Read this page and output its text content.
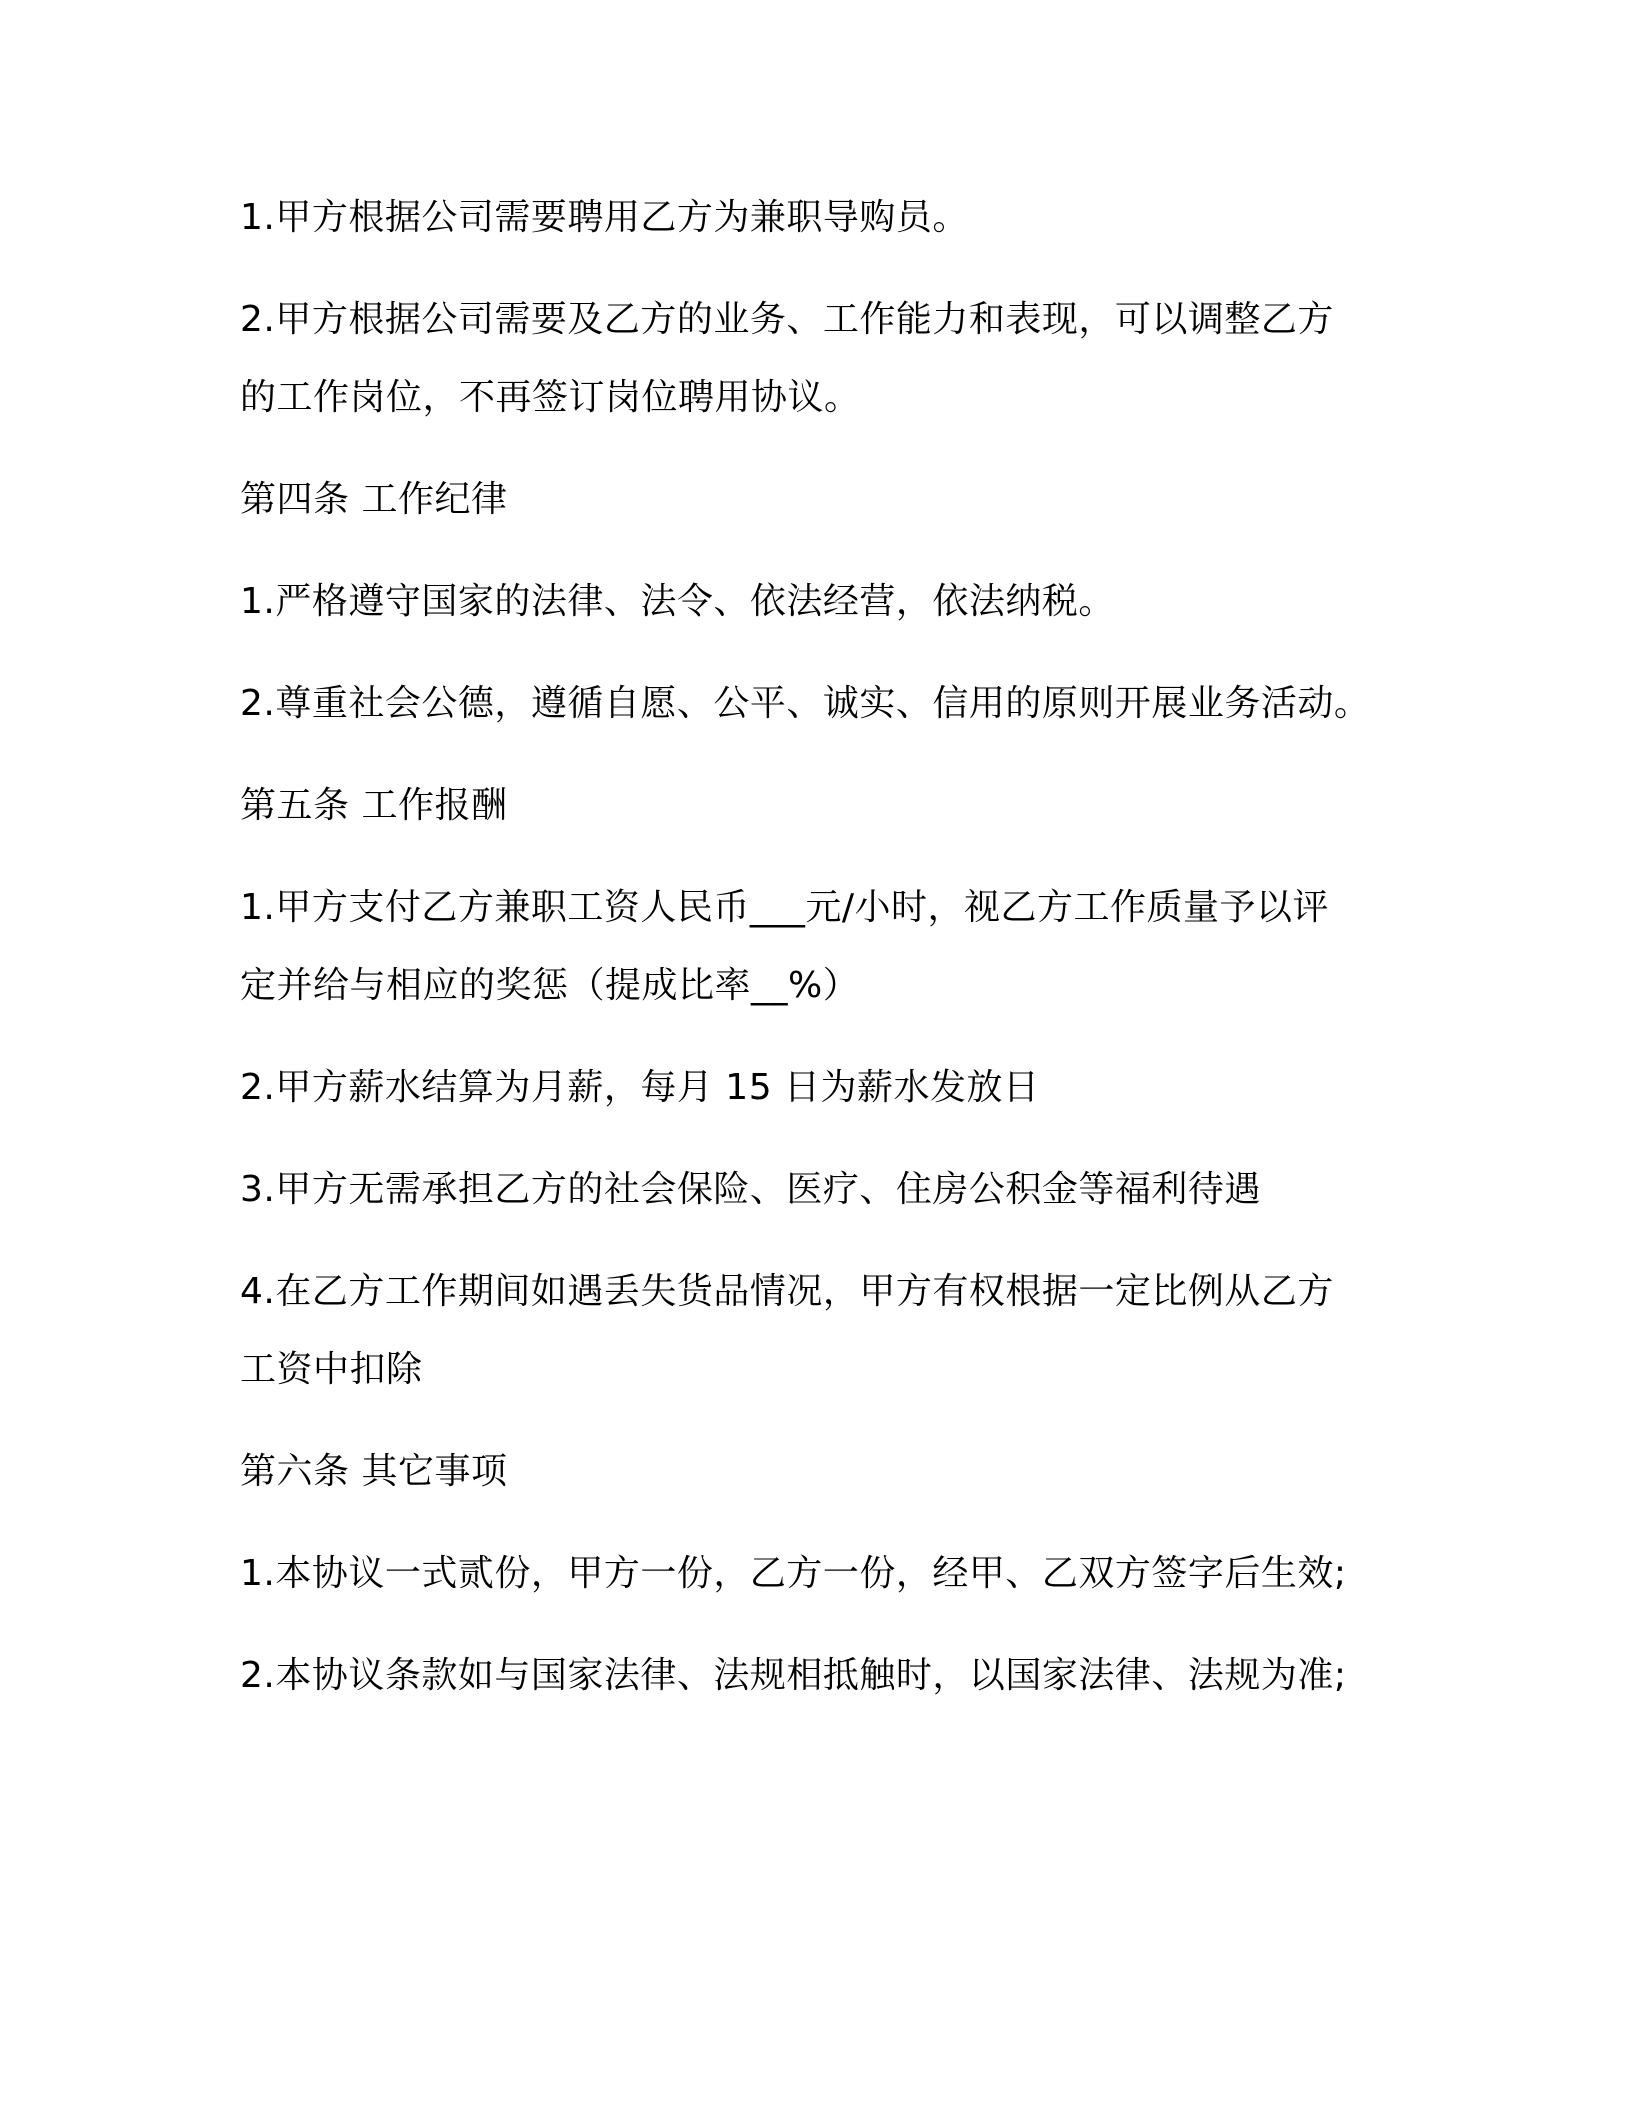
1.甲方根据公司需要聘用乙方为兼职导购员。
2.甲方根据公司需要及乙方的业务、工作能力和表现，可以调整乙方
的工作岗位，不再签订岗位聘用协议。
第四条 工作纪律
1.严格遵守国家的法律、法令、依法经营，依法纳税。
2.尊重社会公德，遵循自愿、公平、诚实、信用的原则开展业务活动。
第五条 工作报酬
1.甲方支付乙方兼职工资人民币___元/小时，视乙方工作质量予以评
定并给与相应的奖惩（提成比率__%）
2.甲方薪水结算为月薪，每月 15 日为薪水发放日
3.甲方无需承担乙方的社会保险、医疗、住房公积金等福利待遇
4.在乙方工作期间如遇丢失货品情况，甲方有权根据一定比例从乙方
工资中扣除
第六条 其它事项
1.本协议一式贰份，甲方一份，乙方一份，经甲、乙双方签字后生效;
2.本协议条款如与国家法律、法规相抵触时，以国家法律、法规为准;
